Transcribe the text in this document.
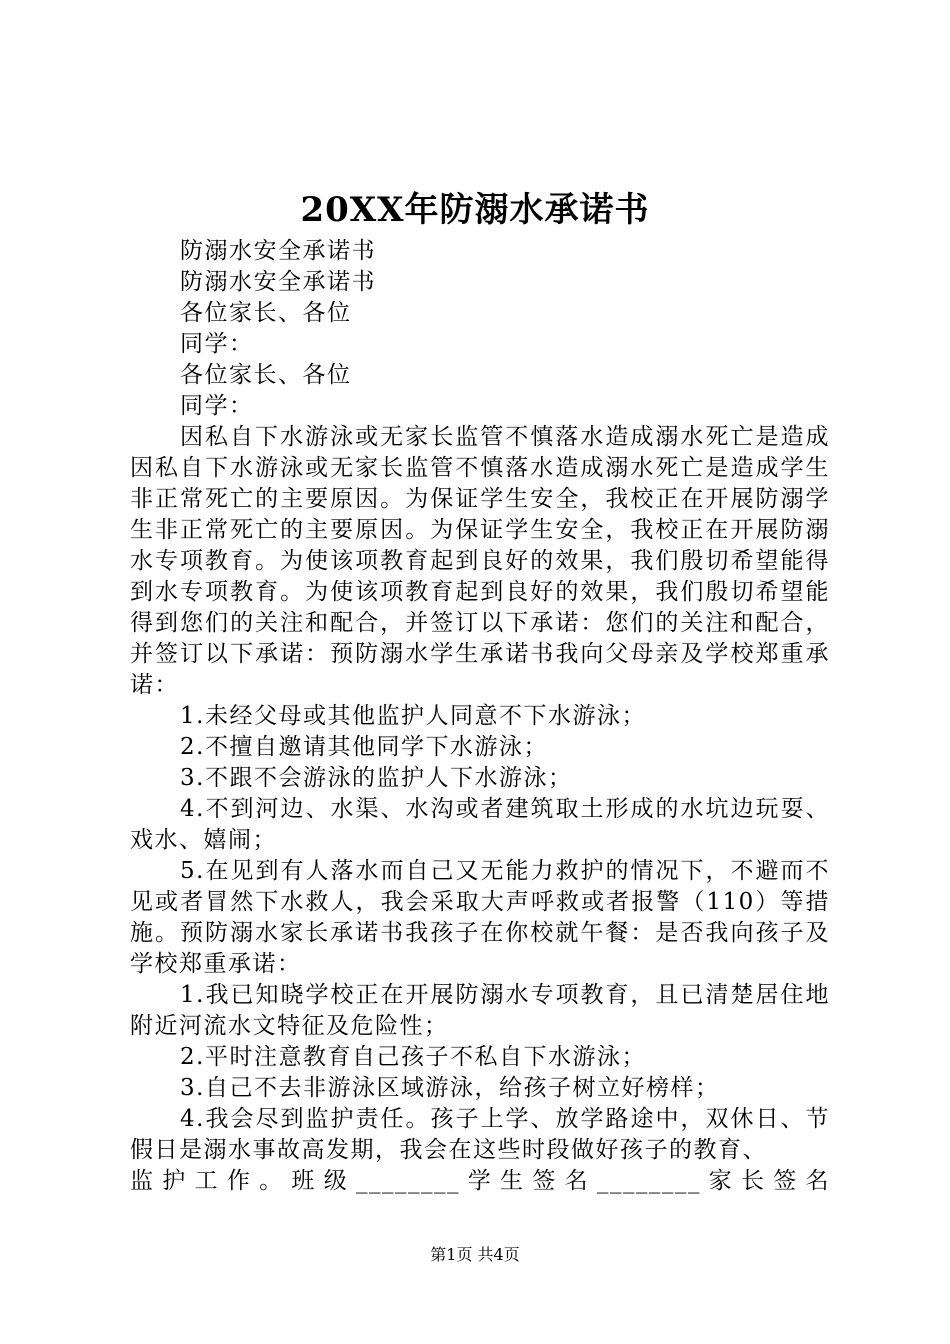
20XX年防溺水承诺书

防溺水安全承诺书

防溺水安全承诺书

各位家长、各位

同学：

各位家长、各位

同学：

因私自下水游泳或无家长监管不慎落水造成溺水死亡是造成因私自下水游泳或无家长监管不慎落水造成溺水死亡是造成学生非正常死亡的主要原因。为保证学生安全，我校正在开展防溺学生非正常死亡的主要原因。为保证学生安全，我校正在开展防溺水专项教育。为使该项教育起到良好的效果，我们殷切希望能得到水专项教育。为使该项教育起到良好的效果，我们殷切希望能得到您们的关注和配合，并签订以下承诺：您们的关注和配合，并签订以下承诺：预防溺水学生承诺书我向父母亲及学校郑重承诺：

1.未经父母或其他监护人同意不下水游泳；

2.不擅自邀请其他同学下水游泳；

3.不跟不会游泳的监护人下水游泳；

4.不到河边、水渠、水沟或者建筑取土形成的水坑边玩耍、戏水、嬉闹；

5.在见到有人落水而自己又无能力救护的情况下，不避而不见或者冒然下水救人，我会采取大声呼救或者报警（110）等措施。预防溺水家长承诺书我孩子在你校就午餐：是否我向孩子及学校郑重承诺：

1.我已知晓学校正在开展防溺水专项教育，且已清楚居住地附近河流水文特征及危险性；

2.平时注意教育自己孩子不私自下水游泳；

3.自己不去非游泳区域游泳，给孩子树立好榜样；

4.我会尽到监护责任。孩子上学、放学路途中，双休日、节假日是溺水事故高发期，我会在这些时段做好孩子的教育、

监护工作。班级________学生签名________家长签名

第1页 共4页
